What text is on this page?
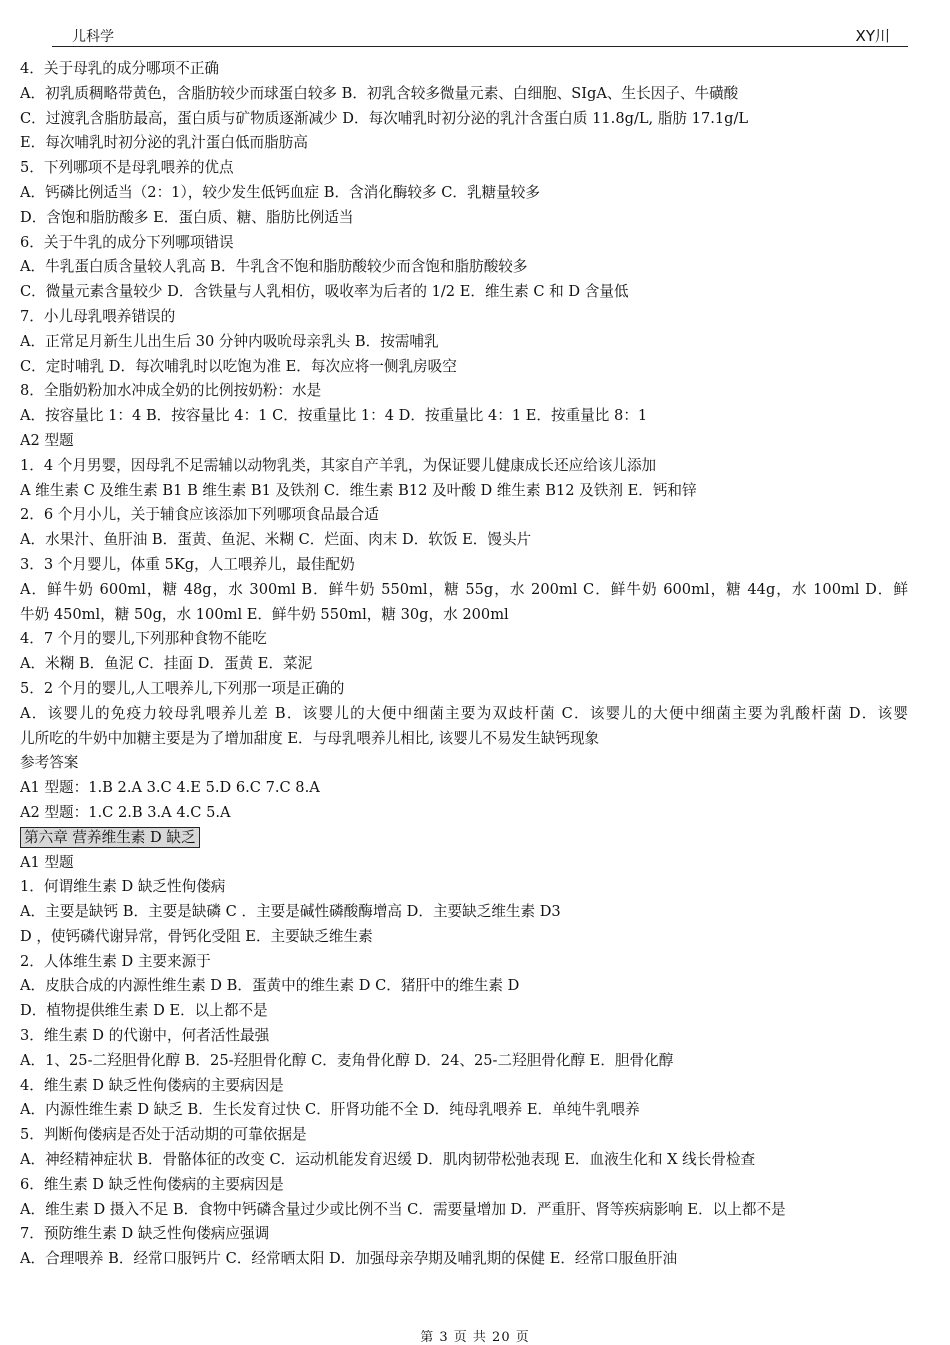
儿科学	XY川
4．关于母乳的成分哪项不正确
A．初乳质稠略带黄色，含脂肪较少而球蛋白较多 B．初乳含较多微量元素、白细胞、SIgA、生长因子、牛磺酸
C．过渡乳含脂肪最高，蛋白质与矿物质逐渐减少 D．每次哺乳时初分泌的乳汁含蛋白质 11.8g/L, 脂肪 17.1g/L
E．每次哺乳时初分泌的乳汁蛋白低而脂肪高
5．下列哪项不是母乳喂养的优点
A．钙磷比例适当（2：1），较少发生低钙血症 B．含消化酶较多 C．乳糖量较多
D．含饱和脂肪酸多 E．蛋白质、糖、脂肪比例适当
6．关于牛乳的成分下列哪项错误
A．牛乳蛋白质含量较人乳高 B．牛乳含不饱和脂肪酸较少而含饱和脂肪酸较多
C．微量元素含量较少 D．含铁量与人乳相仿，吸收率为后者的 1/2 E．维生素 C 和 D 含量低
7．小儿母乳喂养错误的
A．正常足月新生儿出生后 30 分钟内吸吮母亲乳头 B．按需哺乳
C．定时哺乳 D．每次哺乳时以吃饱为准 E．每次应将一侧乳房吸空
8．全脂奶粉加水冲成全奶的比例按奶粉：水是
A．按容量比 1：4 B．按容量比 4：1 C．按重量比 1：4 D．按重量比 4：1 E．按重量比 8：1
A2 型题
1．4 个月男婴，因母乳不足需辅以动物乳类，其家自产羊乳，为保证婴儿健康成长还应给该儿添加
A 维生素 C 及维生素 B1 B 维生素 B1 及铁剂 C．维生素 B12 及叶酸 D 维生素 B12 及铁剂 E．钙和锌
2．6 个月小儿，关于辅食应该添加下列哪项食品最合适
A．水果汁、鱼肝油 B．蛋黄、鱼泥、米糊 C．烂面、肉末 D．软饭 E．馒头片
3．3 个月婴儿，体重 5Kg，人工喂养儿，最佳配奶
A．鲜牛奶 600ml，糖 48g，水 300ml B．鲜牛奶 550ml，糖 55g，水 200ml C．鲜牛奶 600ml，糖 44g，水 100ml D．鲜
牛奶 450ml，糖 50g，水 100ml E．鲜牛奶 550ml，糖 30g，水 200ml
4．7 个月的婴儿,下列那种食物不能吃
A．米糊 B．鱼泥 C．挂面 D．蛋黄 E．菜泥
5．2 个月的婴儿,人工喂养儿,下列那一项是正确的
A．该婴儿的免疫力较母乳喂养儿差 B．该婴儿的大便中细菌主要为双歧杆菌 C．该婴儿的大便中细菌主要为乳酸杆菌 D．该婴
儿所吃的牛奶中加糖主要是为了增加甜度 E．与母乳喂养儿相比, 该婴儿不易发生缺钙现象
参考答案
A1 型题：1.B 2.A 3.C 4.E 5.D 6.C 7.C 8.A
A2 型题：1.C 2.B 3.A 4.C 5.A
第六章 营养维生素 D 缺乏
A1 型题
1．何谓维生素 D 缺乏性佝偻病
A．主要是缺钙 B．主要是缺磷 C ．主要是碱性磷酸酶增高 D．主要缺乏维生素 D3
D ，使钙磷代谢异常，骨钙化受阻 E．主要缺乏维生素
2．人体维生素 D 主要来源于
A．皮肤合成的内源性维生素 D B．蛋黄中的维生素 D C．猪肝中的维生素 D
D．植物提供维生素 D E．以上都不是
3．维生素 D 的代谢中，何者活性最强
A．1、25-二羟胆骨化醇 B．25-羟胆骨化醇 C．麦角骨化醇 D．24、25-二羟胆骨化醇 E．胆骨化醇
4．维生素 D 缺乏性佝偻病的主要病因是
A．内源性维生素 D 缺乏 B．生长发育过快 C．肝肾功能不全 D．纯母乳喂养 E．单纯牛乳喂养
5．判断佝偻病是否处于活动期的可靠依据是
A．神经精神症状 B．骨骼体征的改变 C．运动机能发育迟缓 D．肌肉韧带松弛表现 E．血液生化和 X 线长骨检查
6．维生素 D 缺乏性佝偻病的主要病因是
A．维生素 D 摄入不足 B．食物中钙磷含量过少或比例不当 C．需要量增加 D．严重肝、肾等疾病影响 E．以上都不是
7．预防维生素 D 缺乏性佝偻病应强调
A．合理喂养 B．经常口服钙片 C．经常晒太阳 D．加强母亲孕期及哺乳期的保健 E．经常口服鱼肝油
第 3 页 共 20 页
